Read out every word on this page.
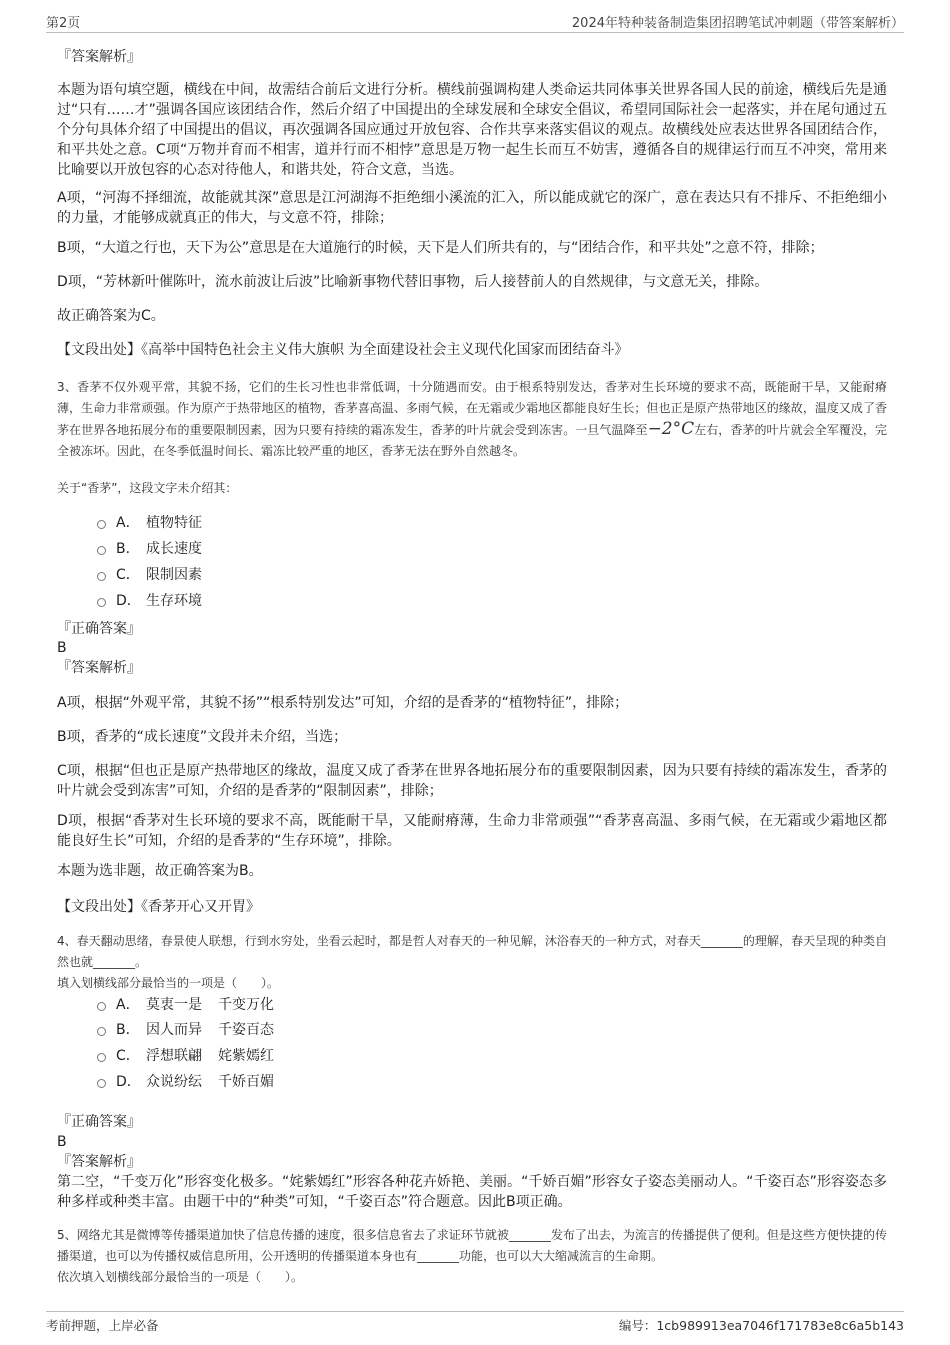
第2页	2024年特种装备制造集团招聘笔试冲刺题（带答案解析）
『答案解析』
本题为语句填空题，横线在中间，故需结合前后文进行分析。横线前强调构建人类命运共同体事关世界各国人民的前途，横线后先是通过“只有……才”强调各国应该团结合作，然后介绍了中国提出的全球发展和全球安全倡议，希望同国际社会一起落实，并在尾句通过五个分句具体介绍了中国提出的倡议，再次强调各国应通过开放包容、合作共享来落实倡议的观点。故横线处应表达世界各国团结合作，和平共处之意。C项“万物并育而不相害，道并行而不相悖”意思是万物一起生长而互不妨害，遵循各自的规律运行而互不冲突，常用来比喻要以开放包容的心态对待他人，和谐共处，符合文意，当选。
A项，“河海不择细流，故能就其深”意思是江河湖海不拒绝细小溪流的汇入，所以能成就它的深广，意在表达只有不排斥、不拒绝细小的力量，才能够成就真正的伟大，与文意不符，排除；
B项，“大道之行也，天下为公”意思是在大道施行的时候，天下是人们所共有的，与“团结合作，和平共处”之意不符，排除；
D项，“芳林新叶催陈叶，流水前波让后波”比喻新事物代替旧事物，后人接替前人的自然规律，与文意无关，排除。
故正确答案为C。
【文段出处】《高举中国特色社会主义伟大旗帜 为全面建设社会主义现代化国家而团结奋斗》
3、香茅不仅外观平常，其貌不扬，它们的生长习性也非常低调，十分随遇而安。由于根系特别发达，香茅对生长环境的要求不高，既能耐干旱，又能耐瘠薄，生命力非常顽强。作为原产于热带地区的植物，香茅喜高温、多雨气候，在无霜或少霜地区都能良好生长；但也正是原产热带地区的缘故，温度又成了香茅在世界各地拓展分布的重要限制因素，因为只要有持续的霜冻发生，香茅的叶片就会受到冻害。一旦气温降至−2°C左右，香茅的叶片就会全军覆没，完全被冻坏。因此，在冬季低温时间长、霜冻比较严重的地区，香茅无法在野外自然越冬。
关于“香茅”，这段文字未介绍其：
A． 植物特征
B． 成长速度
C． 限制因素
D． 生存环境
『正确答案』
B
『答案解析』
A项，根据“外观平常，其貌不扬”“根系特别发达”可知，介绍的是香茅的“植物特征”，排除；
B项，香茅的“成长速度”文段并未介绍，当选；
C项，根据“但也正是原产热带地区的缘故，温度又成了香茅在世界各地拓展分布的重要限制因素，因为只要有持续的霜冻发生，香茅的叶片就会受到冻害”可知，介绍的是香茅的“限制因素”，排除；
D项，根据“香茅对生长环境的要求不高，既能耐干旱，又能耐瘠薄，生命力非常顽强”“香茅喜高温、多雨气候，在无霜或少霜地区都能良好生长”可知，介绍的是香茅的“生存环境”，排除。
本题为选非题，故正确答案为B。
【文段出处】《香茅开心又开胃》
4、春天翻动思绪，春景使人联想，行到水穷处，坐看云起时，都是哲人对春天的一种见解，沐浴春天的一种方式，对春天_______的理解，春天呈现的种类自然也就_______。
填入划横线部分最恰当的一项是（　　）。
A． 莫衷一是 千变万化
B． 因人而异 千姿百态
C． 浮想联翩 姹紫嫣红
D． 众说纷纭 千娇百媚
『正确答案』
B
『答案解析』
第二空，“千变万化”形容变化极多。“姹紫嫣红”形容各种花卉娇艳、美丽。“千娇百媚”形容女子姿态美丽动人。“千姿百态”形容姿态多种多样或种类丰富。由题干中的“种类”可知，“千姿百态”符合题意。因此B项正确。
5、网络尤其是微博等传播渠道加快了信息传播的速度，很多信息省去了求证环节就被_______发布了出去，为流言的传播提供了便利。但是这些方便快捷的传播渠道，也可以为传播权威信息所用，公开透明的传播渠道本身也有_______功能，也可以大大缩减流言的生命期。
依次填入划横线部分最恰当的一项是（　　）。
考前押题，上岸必备	编号：1cb989913ea7046f171783e8c6a5b143
